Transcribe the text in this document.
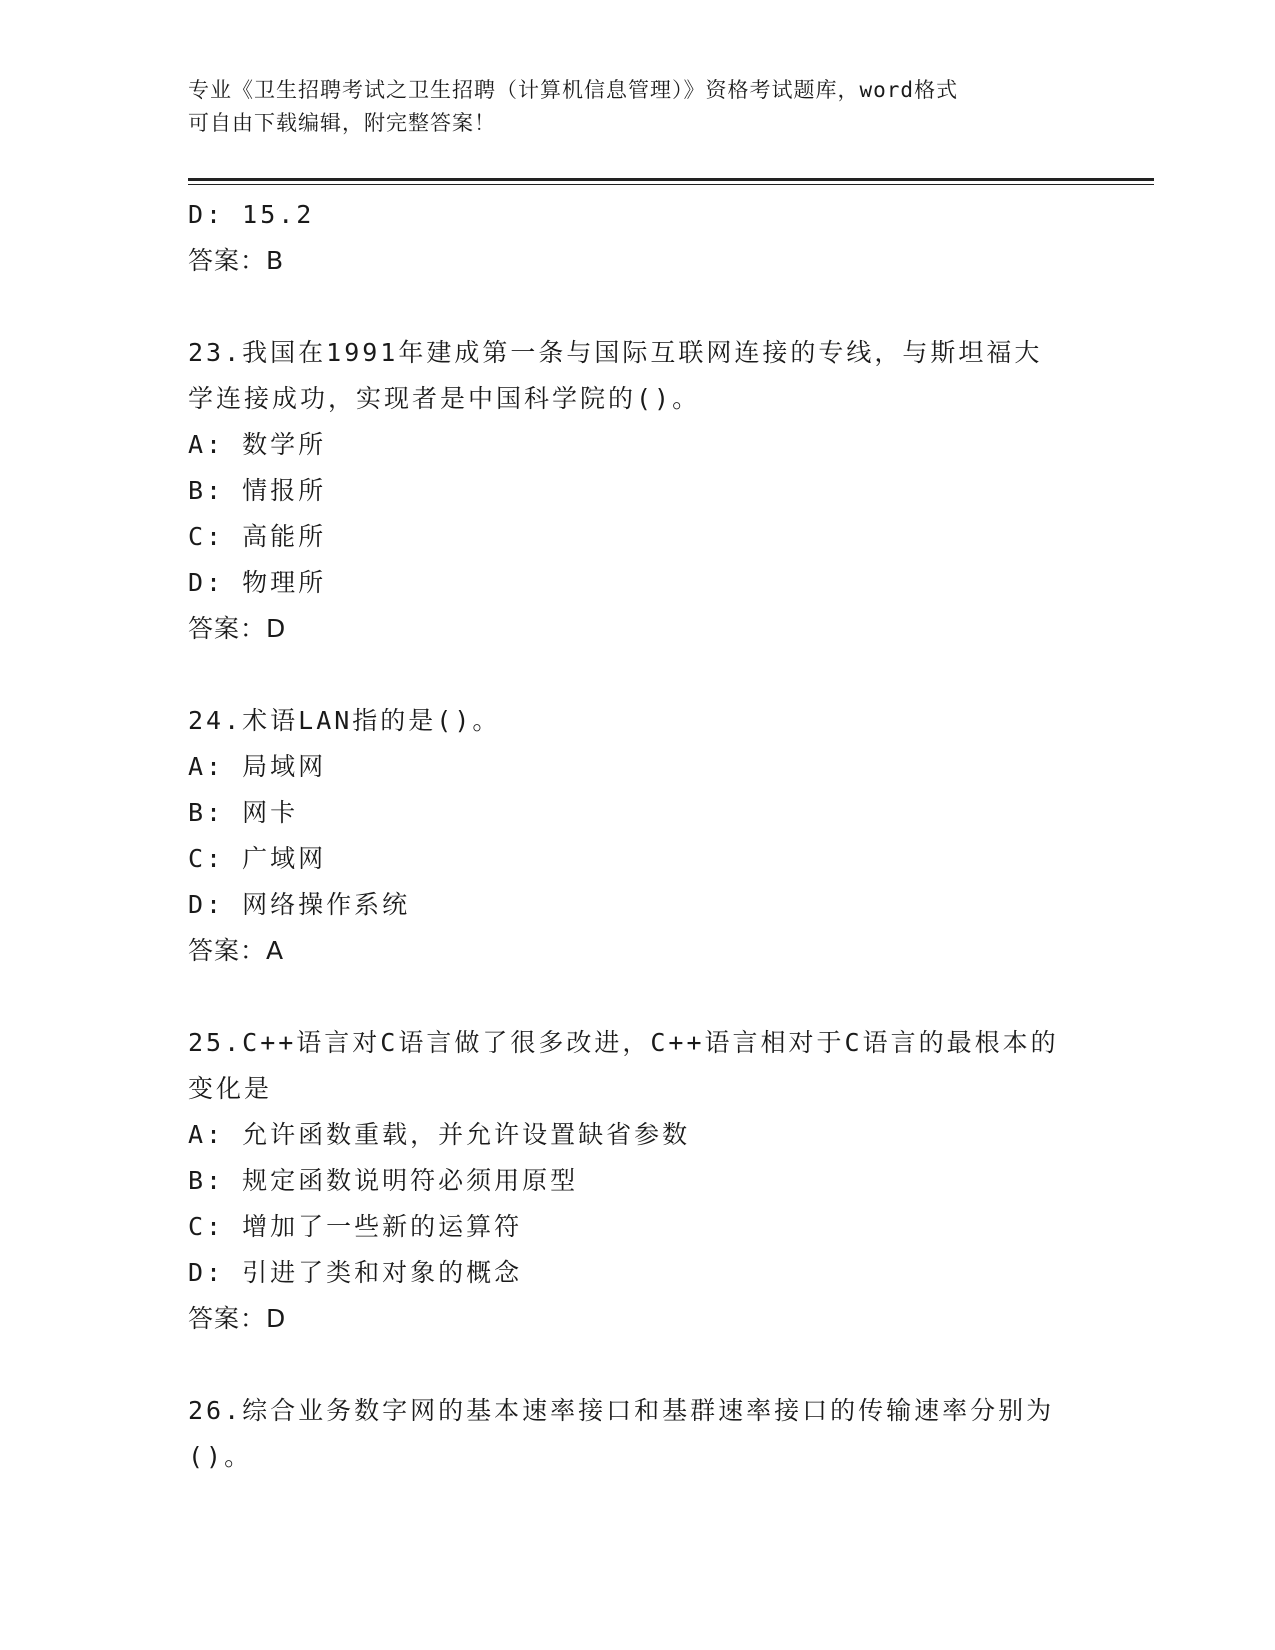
专业《卫生招聘考试之卫生招聘（计算机信息管理）》资格考试题库，word格式
可自由下载编辑，附完整答案！
D: 15.2
答案：B
23.我国在1991年建成第一条与国际互联网连接的专线，与斯坦福大
学连接成功，实现者是中国科学院的()。
A: 数学所
B: 情报所
C: 高能所
D: 物理所
答案：D
24.术语LAN指的是()。
A: 局域网
B: 网卡
C: 广域网
D: 网络操作系统
答案：A
25.C++语言对C语言做了很多改进，C++语言相对于C语言的最根本的
变化是
A: 允许函数重载，并允许设置缺省参数
B: 规定函数说明符必须用原型
C: 增加了一些新的运算符
D: 引进了类和对象的概念
答案：D
26.综合业务数字网的基本速率接口和基群速率接口的传输速率分别为
()。
